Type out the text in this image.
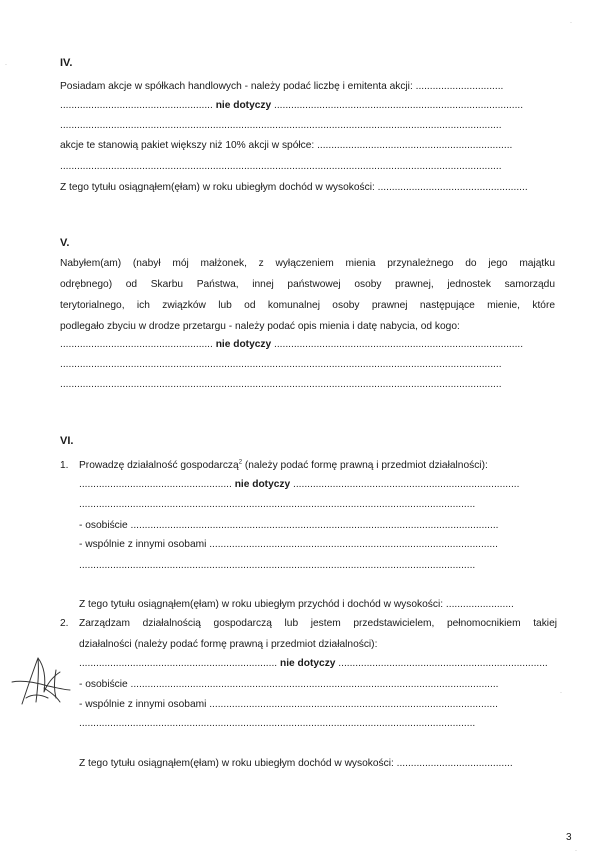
IV.
Posiadam akcje w spółkach handlowych - należy podać liczbę i emitenta akcji: ...............................
...................................................... nie dotyczy ........................................................................................
............................................................................................................................................................
akcje te stanowią pakiet większy niż 10% akcji w spółce: .....................................................................
............................................................................................................................................................
Z tego tytułu osiągnąłem(ęłam) w roku ubiegłym dochód w wysokości: .....................................................
V.
Nabyłem(am) (nabył mój małżonek, z wyłączeniem mienia przynależnego do jego majątku
odrębnego) od Skarbu Państwa, innej państwowej osoby prawnej, jednostek samorządu
terytorialnego, ich związków lub od komunalnej osoby prawnej następujące mienie, które
podlegało zbyciu w drodze przetargu - należy podać opis mienia i datę nabycia, od kogo:
...................................................... nie dotyczy ........................................................................................
............................................................................................................................................................
............................................................................................................................................................
VI.
1. Prowadzę działalność gospodarczą$^2$ (należy podać formę prawną i przedmiot działalności):
...................................................... nie dotyczy ................................................................................
............................................................................................................................................
- osobiście ..................................................................................................................................
- wspólnie z innymi osobami ......................................................................................................
............................................................................................................................................
Z tego tytułu osiągnąłem(ęłam) w roku ubiegłym przychód i dochód w wysokości: ........................
2. Zarządzam działalnością gospodarczą lub jestem przedstawicielem, pełnomocnikiem takiej
działalności (należy podać formę prawną i przedmiot działalności):
...................................................................... nie dotyczy ..........................................................................
- osobiście ..................................................................................................................................
- wspólnie z innymi osobami ......................................................................................................
............................................................................................................................................
Z tego tytułu osiągnąłem(ęłam) w roku ubiegłym dochód w wysokości: .........................................
3
·
·
·
·
